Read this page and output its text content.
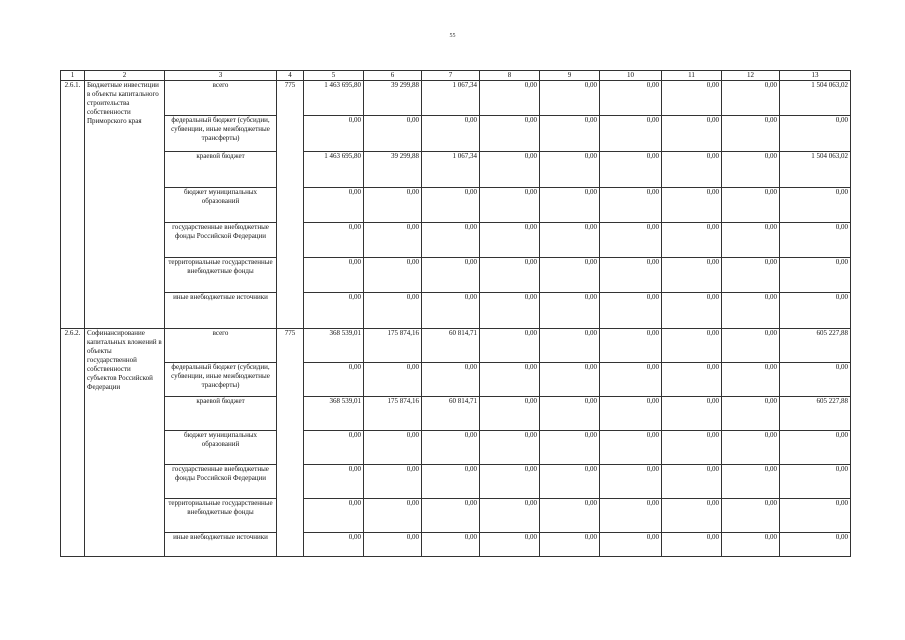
55
1	2	3	4	5	6	7	8	9	10	11	12	13
2.6.1.	Бюджетные инвестиции в объекты капитального строительства собственности Приморского края	всего	775	1 463 695,80	39 299,88	1 067,34	0,00	0,00	0,00	0,00	0,00	1 504 063,02
		федеральный бюджет (субсидии, субвенции, иные межбюджетные трансферты)		0,00	0,00	0,00	0,00	0,00	0,00	0,00	0,00	0,00
		краевой бюджет		1 463 695,80	39 299,88	1 067,34	0,00	0,00	0,00	0,00	0,00	1 504 063,02
		бюджет муниципальных образований		0,00	0,00	0,00	0,00	0,00	0,00	0,00	0,00	0,00
		государственные внебюджетные фонды Российской Федерации		0,00	0,00	0,00	0,00	0,00	0,00	0,00	0,00	0,00
		территориальные государственные внебюджетные фонды		0,00	0,00	0,00	0,00	0,00	0,00	0,00	0,00	0,00
		иные внебюджетные источники		0,00	0,00	0,00	0,00	0,00	0,00	0,00	0,00	0,00
2.6.2.	Софинансирование капитальных вложений в объекты государственной собственности субъектов Российской Федерации	всего	775	368 539,01	175 874,16	60 814,71	0,00	0,00	0,00	0,00	0,00	605 227,88
		федеральный бюджет (субсидии, субвенции, иные межбюджетные трансферты)		0,00	0,00	0,00	0,00	0,00	0,00	0,00	0,00	0,00
		краевой бюджет		368 539,01	175 874,16	60 814,71	0,00	0,00	0,00	0,00	0,00	605 227,88
		бюджет муниципальных образований		0,00	0,00	0,00	0,00	0,00	0,00	0,00	0,00	0,00
		государственные внебюджетные фонды Российской Федерации		0,00	0,00	0,00	0,00	0,00	0,00	0,00	0,00	0,00
		территориальные государственные внебюджетные фонды		0,00	0,00	0,00	0,00	0,00	0,00	0,00	0,00	0,00
		иные внебюджетные источники		0,00	0,00	0,00	0,00	0,00	0,00	0,00	0,00	0,00
